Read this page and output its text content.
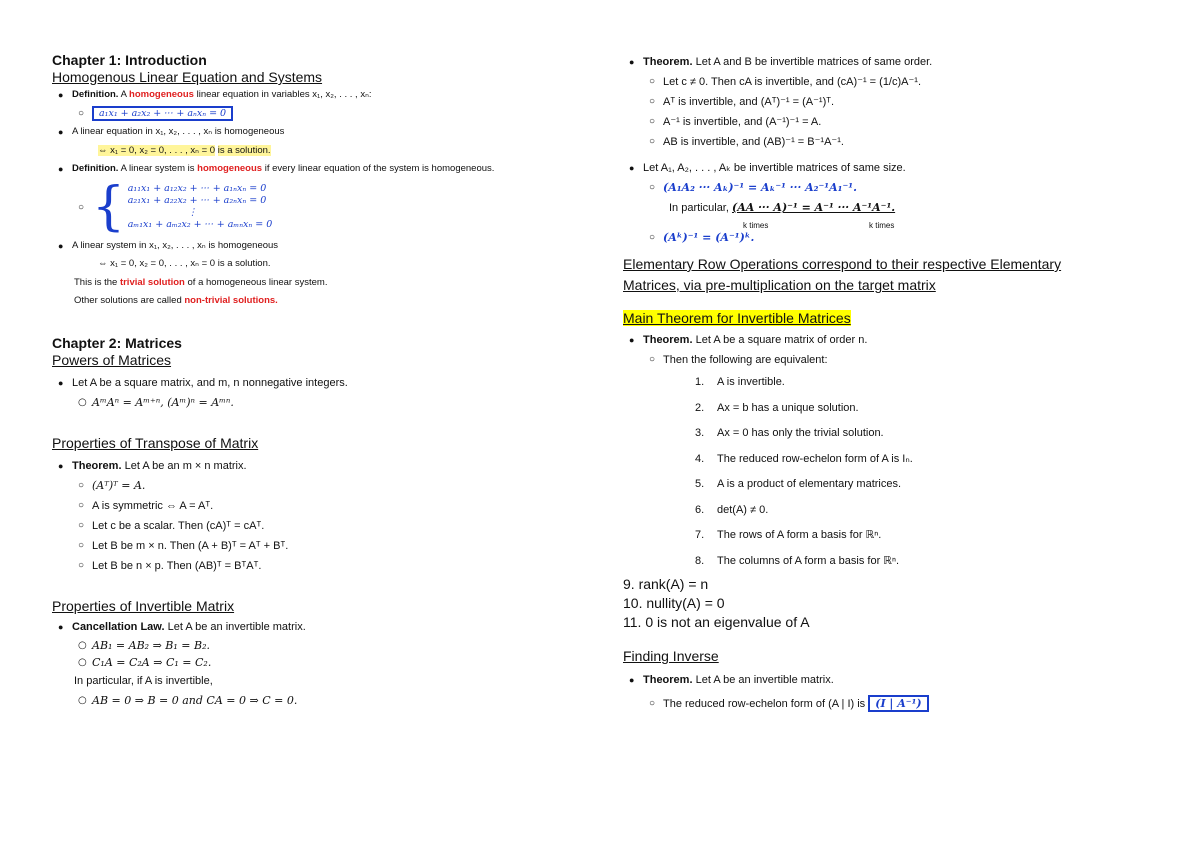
Chapter 1: Introduction
Homogenous Linear Equation and Systems
● Definition. A homogeneous linear equation in variables x₁, x₂, . . . , xₙ:
○ a₁x₁ + a₂x₂ + ··· + aₙxₙ = 0
● A linear equation in x₁, x₂, . . . , xₙ is homogeneous
⇔ x₁ = 0, x₂ = 0, . . . , xₙ = 0 is a solution.
● Definition. A linear system is homogeneous if every linear equation of the system is homogeneous.
○ { a₁₁x₁ + a₁₂x₂ + ··· + a₁ₙxₙ = 0
a₂₁x₁ + a₂₂x₂ + ··· + a₂ₙxₙ = 0
⋮
aₘ₁x₁ + aₘ₂x₂ + ··· + aₘₙxₙ = 0
● A linear system in x₁, x₂, . . . , xₙ is homogeneous
⇔ x₁ = 0, x₂ = 0, . . . , xₙ = 0 is a solution.
This is the trivial solution of a homogeneous linear system.
Other solutions are called non-trivial solutions.
Chapter 2: Matrices
Powers of Matrices
● Let A be a square matrix, and m, n nonnegative integers.
○ AᵐAⁿ = Aᵐ⁺ⁿ, (Aᵐ)ⁿ = Aᵐⁿ.
Properties of Transpose of Matrix
● Theorem. Let A be an m × n matrix.
○ (Aᵀ)ᵀ = A.
○ A is symmetric ⇔ A = Aᵀ.
○ Let c be a scalar. Then (cA)ᵀ = cAᵀ.
○ Let B be m × n. Then (A + B)ᵀ = Aᵀ + Bᵀ.
○ Let B be n × p. Then (AB)ᵀ = BᵀAᵀ.
Properties of Invertible Matrix
● Cancellation Law. Let A be an invertible matrix.
○ AB₁ = AB₂ ⇒ B₁ = B₂.
○ C₁A = C₂A ⇒ C₁ = C₂.
In particular, if A is invertible,
○ AB = 0 ⇒ B = 0 and CA = 0 ⇒ C = 0.
● Theorem. Let A and B be invertible matrices of same order.
○ Let c ≠ 0. Then cA is invertible, and (cA)⁻¹ = (1/c)A⁻¹.
○ Aᵀ is invertible, and (Aᵀ)⁻¹ = (A⁻¹)ᵀ.
○ A⁻¹ is invertible, and (A⁻¹)⁻¹ = A.
○ AB is invertible, and (AB)⁻¹ = B⁻¹A⁻¹.
● Let A₁, A₂, . . . , Aₖ be invertible matrices of same size.
○ (A₁A₂ ··· Aₖ)⁻¹ = Aₖ⁻¹ ··· A₂⁻¹A₁⁻¹.
In particular, (AA ··· A)⁻¹ = A⁻¹ ··· A⁻¹A⁻¹.
k times	k times
○ (Aᵏ)⁻¹ = (A⁻¹)ᵏ.
Elementary Row Operations correspond to their respective Elementary
Matrices, via pre-multiplication on the target matrix
Main Theorem for Invertible Matrices
● Theorem. Let A be a square matrix of order n.
○ Then the following are equivalent:
1. A is invertible.
2. Ax = b has a unique solution.
3. Ax = 0 has only the trivial solution.
4. The reduced row-echelon form of A is Iₙ.
5. A is a product of elementary matrices.
6. det(A) ≠ 0.
7. The rows of A form a basis for ℝⁿ.
8. The columns of A form a basis for ℝⁿ.
9. rank(A) = n
10. nullity(A) = 0
11. 0 is not an eigenvalue of A
Finding Inverse
● Theorem. Let A be an invertible matrix.
○ The reduced row-echelon form of (A | I) is (I | A⁻¹)
